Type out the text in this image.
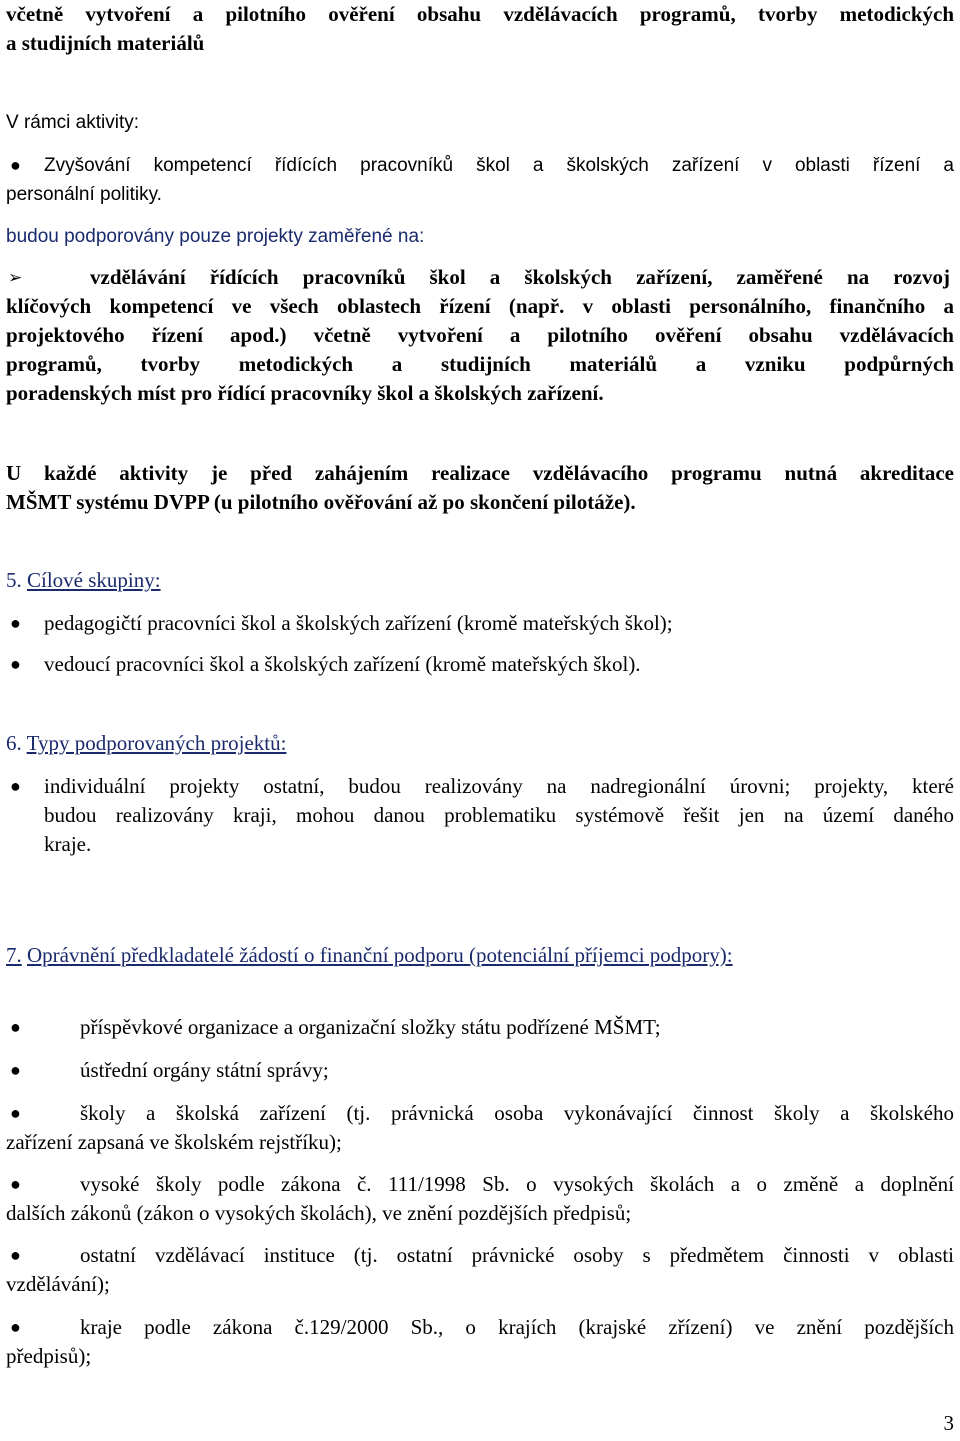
včetně vytvoření a pilotního ověření obsahu vzdělávacích programů, tvorby metodických

a studijních materiálů

V rámci aktivity:

● Zvyšování kompetencí řídících pracovníků škol a školských zařízení v oblasti řízení a

personální politiky.

budou podporovány pouze projekty zaměřené na:

➢	vzdělávání řídících pracovníků škol a školských zařízení, zaměřené na rozvoj

klíčových kompetencí ve všech oblastech řízení (např. v oblasti personálního, finančního a

projektového řízení apod.) včetně vytvoření a pilotního ověření obsahu vzdělávacích

programů, tvorby metodických a studijních materiálů a vzniku podpůrných

poradenských míst pro řídící pracovníky škol a školských zařízení.

U každé aktivity je před zahájením realizace vzdělávacího programu nutná akreditace

MŠMT systému DVPP (u pilotního ověřování až po skončení pilotáže).

5. Cílové skupiny:

● pedagogičtí pracovníci škol a školských zařízení (kromě mateřských škol);

● vedoucí pracovníci škol a školských zařízení (kromě mateřských škol).

6. Typy podporovaných projektů:

● individuální projekty ostatní, budou realizovány na nadregionální úrovni; projekty, které

budou realizovány kraji, mohou danou problematiku systémově řešit jen na území daného

kraje.

7. Oprávnění předkladatelé žádostí o finanční podporu (potenciální příjemci podpory):

●	příspěvkové organizace a organizační složky státu podřízené MŠMT;

●	ústřední orgány státní správy;

●	školy a školská zařízení (tj. právnická osoba vykonávající činnost školy a školského

zařízení zapsaná ve školském rejstříku);

●	vysoké školy podle zákona č. 111/1998 Sb. o vysokých školách a o změně a doplnění

dalších zákonů (zákon o vysokých školách), ve znění pozdějších předpisů;

●	ostatní vzdělávací instituce (tj. ostatní právnické osoby s předmětem činnosti v oblasti

vzdělávání);

●	kraje podle zákona č.129/2000 Sb., o krajích (krajské zřízení) ve znění pozdějších

předpisů);

3
